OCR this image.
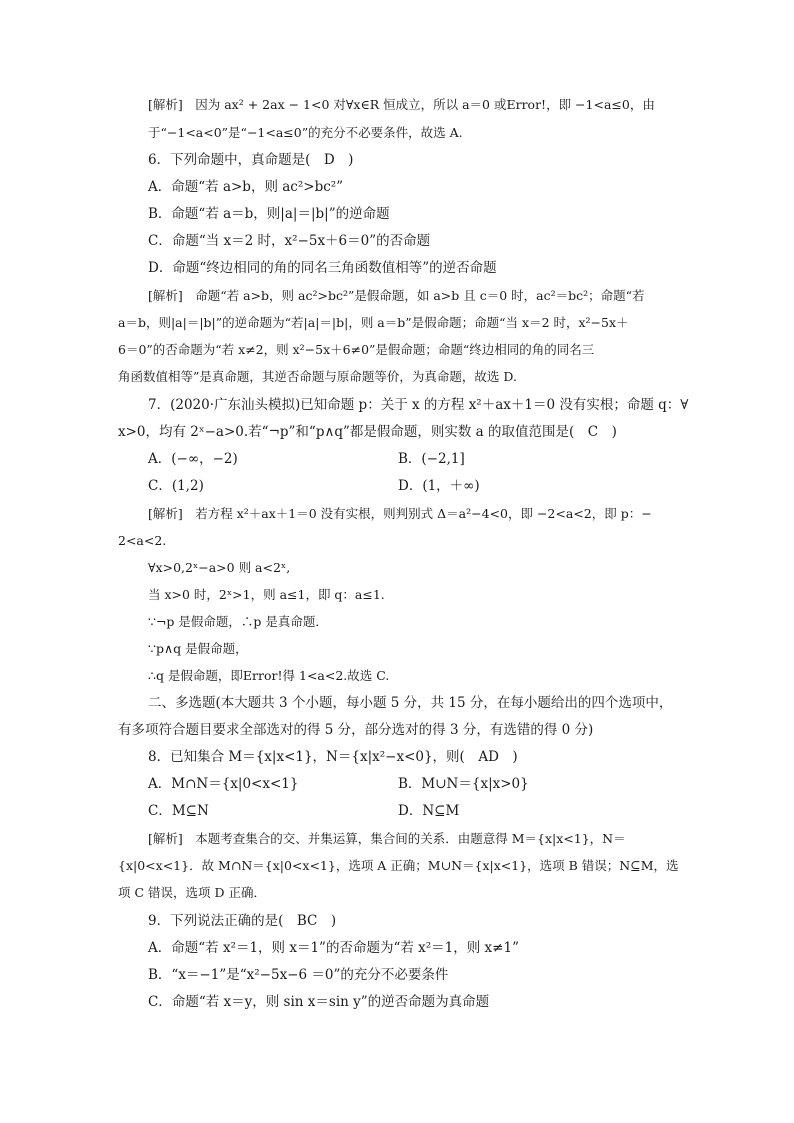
[解析]　因为 ax² + 2ax − 1<0 对∀x∈R 恒成立，所以 a＝0 或Error!，即 −1<a≤0，由
于“−1<a<0”是“−1<a≤0”的充分不必要条件，故选 A.
6．下列命题中，真命题是(　D　)
A．命题“若 a>b，则 ac²>bc²”
B．命题“若 a＝b，则|a|＝|b|”的逆命题
C．命题“当 x＝2 时，x²−5x＋6＝0”的否命题
D．命题“终边相同的角的同名三角函数值相等”的逆否命题
[解析]　命题“若 a>b，则 ac²>bc²”是假命题，如 a>b 且 c＝0 时，ac²＝bc²；命题“若
a＝b，则|a|＝|b|”的逆命题为“若|a|＝|b|，则 a＝b”是假命题；命题“当 x＝2 时，x²−5x＋
6＝0”的否命题为“若 x≠2，则 x²−5x＋6≠0”是假命题；命题“终边相同的角的同名三
角函数值相等”是真命题，其逆否命题与原命题等价，为真命题，故选 D.
7．(2020·广东汕头模拟)已知命题 p：关于 x 的方程 x²＋ax＋1＝0 没有实根；命题 q：∀
x>0，均有 2ˣ−a>0.若“¬p”和“p∧q”都是假命题，则实数 a 的取值范围是(　C　)
A．(−∞，−2)	B．(−2,1]
C．(1,2)	D．(1，＋∞)
[解析]　若方程 x²＋ax＋1＝0 没有实根，则判别式 Δ＝a²−4<0，即 −2<a<2，即 p：−
2<a<2.
∀x>0,2ˣ−a>0 则 a<2ˣ,
当 x>0 时，2ˣ>1，则 a≤1，即 q：a≤1.
∵¬p 是假命题，∴p 是真命题．
∵p∧q 是假命题，
∴q 是假命题，即Error!得 1<a<2.故选 C.
二、多选题(本大题共 3 个小题，每小题 5 分，共 15 分，在每小题给出的四个选项中，
有多项符合题目要求全部选对的得 5 分，部分选对的得 3 分，有选错的得 0 分)
8．已知集合 M＝{x|x<1}，N＝{x|x²−x<0}，则(　AD　)
A．M∩N＝{x|0<x<1}	B．M∪N＝{x|x>0}
C．M⊆N	D．N⊆M
[解析]　本题考查集合的交、并集运算，集合间的关系．由题意得 M＝{x|x<1}，N＝
{x|0<x<1}．故 M∩N＝{x|0<x<1}，选项 A 正确；M∪N＝{x|x<1}，选项 B 错误；N⊆M，选
项 C 错误，选项 D 正确．
9．下列说法正确的是(　BC　)
A．命题“若 x²＝1，则 x＝1”的否命题为“若 x²＝1，则 x≠1”
B．“x＝−1”是“x²−5x−6 ＝0”的充分不必要条件
C．命题“若 x＝y，则 sin x＝sin y”的逆否命题为真命题
